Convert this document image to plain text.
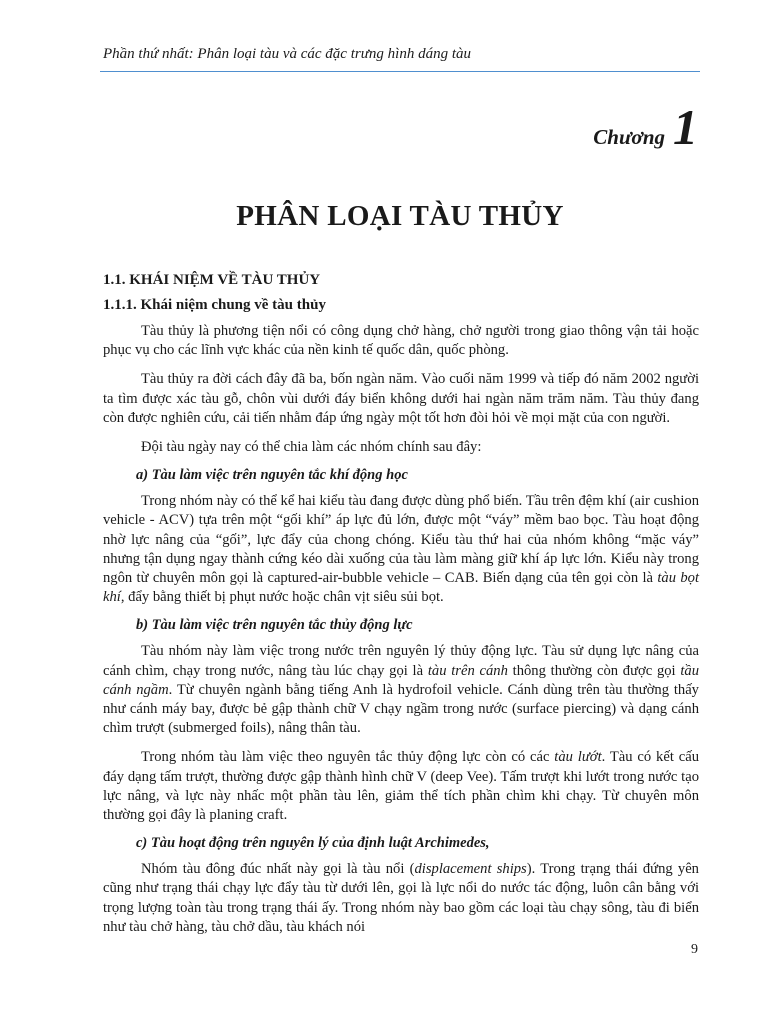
Phần thứ nhất: Phân loại tàu và các đặc trưng hình dáng tàu
Chương 1
PHÂN LOẠI TÀU THỦY
1.1. KHÁI NIỆM VỀ TÀU THỦY
1.1.1. Khái niệm chung về tàu thủy

Tàu thủy là phương tiện nổi có công dụng chở hàng, chở người trong giao thông vận tải hoặc phục vụ cho các lĩnh vực khác của nền kinh tế quốc dân, quốc phòng.

Tàu thủy ra đời cách đây đã ba, bốn ngàn năm. Vào cuối năm 1999 và tiếp đó năm 2002 người ta tìm được xác tàu gỗ, chôn vùi dưới đáy biển không dưới hai ngàn năm trăm năm. Tàu thủy đang còn được nghiên cứu, cải tiến nhằm đáp ứng ngày một tốt hơn đòi hỏi về mọi mặt của con người.

Đội tàu ngày nay có thể chia làm các nhóm chính sau đây:

a) Tàu làm việc trên nguyên tắc khí động học

Trong nhóm này có thể kể hai kiểu tàu đang được dùng phổ biến. Tầu trên đệm khí (air cushion vehicle - ACV) tựa trên một “gối khí” áp lực đủ lớn, được một “váy” mềm bao bọc. Tàu hoạt động nhờ lực nâng của “gối”, lực đẩy của chong chóng. Kiểu tàu thứ hai của nhóm không “mặc váy” nhưng tận dụng ngay thành cứng kéo dài xuống của tàu làm màng giữ khí áp lực lớn. Kiểu này trong ngôn từ chuyên môn gọi là captured-air-bubble vehicle – CAB. Biến dạng của tên gọi còn là tàu bọt khí, đẩy bằng thiết bị phụt nước hoặc chân vịt siêu sủi bọt.

b) Tàu làm việc trên nguyên tắc thủy động lực

Tàu nhóm này làm việc trong nước trên nguyên lý thủy động lực. Tàu sử dụng lực nâng của cánh chìm, chạy trong nước, nâng tàu lúc chạy gọi là tàu trên cánh thông thường còn được gọi tầu cánh ngầm. Từ chuyên ngành bằng tiếng Anh là hydrofoil vehicle. Cánh dùng trên tàu thường thấy như cánh máy bay, được bẻ gập thành chữ V chạy ngầm trong nước (surface piercing) và dạng cánh chìm trượt (submerged foils), nâng thân tàu.

Trong nhóm tàu làm việc theo nguyên tắc thủy động lực còn có các tàu lướt. Tàu có kết cấu đáy dạng tấm trượt, thường được gập thành hình chữ V (deep Vee). Tấm trượt khi lướt trong nước tạo lực nâng, và lực này nhấc một phần tàu lên, giảm thể tích phần chìm khi chạy. Từ chuyên môn thường gọi đây là planing craft.

c) Tàu hoạt động trên nguyên lý của định luật Archimedes,

Nhóm tàu đông đúc nhất này gọi là tàu nổi (displacement ships). Trong trạng thái đứng yên cũng như trạng thái chạy lực đẩy tàu từ dưới lên, gọi là lực nổi do nước tác động, luôn cân bằng với trọng lượng toàn tàu trong trạng thái ấy. Trong nhóm này bao gồm các loại tàu chạy sông, tàu đi biển như tàu chở hàng, tàu chở dầu, tàu khách nói

9
